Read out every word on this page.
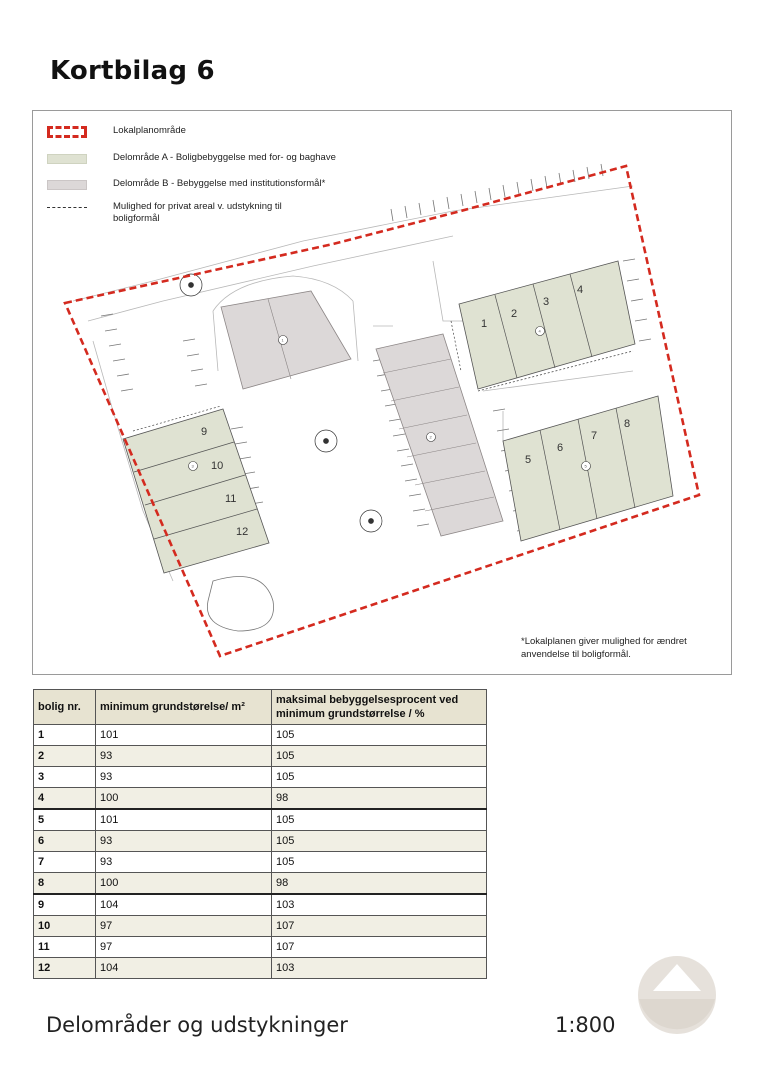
Kortbilag 6
1
2
3
4
5
1
2
3
4
5
6
7
8
9
10
11
12
Lokalplanområde
Delområde A - Boligbebyggelse med for- og baghave
Delområde B - Bebyggelse med institutionsformål*
Mulighed for privat areal v. udstykning til boligformål
*Lokalplanen giver mulighed for ændret anvendelse til boligformål.
bolig nr.	minimum grundstørelse/ m²	maksimal bebyggelsesprocent ved minimum grundstørrelse / %
1	101	105
2	93	105
3	93	105
4	100	98
5	101	105
6	93	105
7	93	105
8	100	98
9	104	103
10	97	107
11	97	107
12	104	103
Delområder og udstykninger	1:800
